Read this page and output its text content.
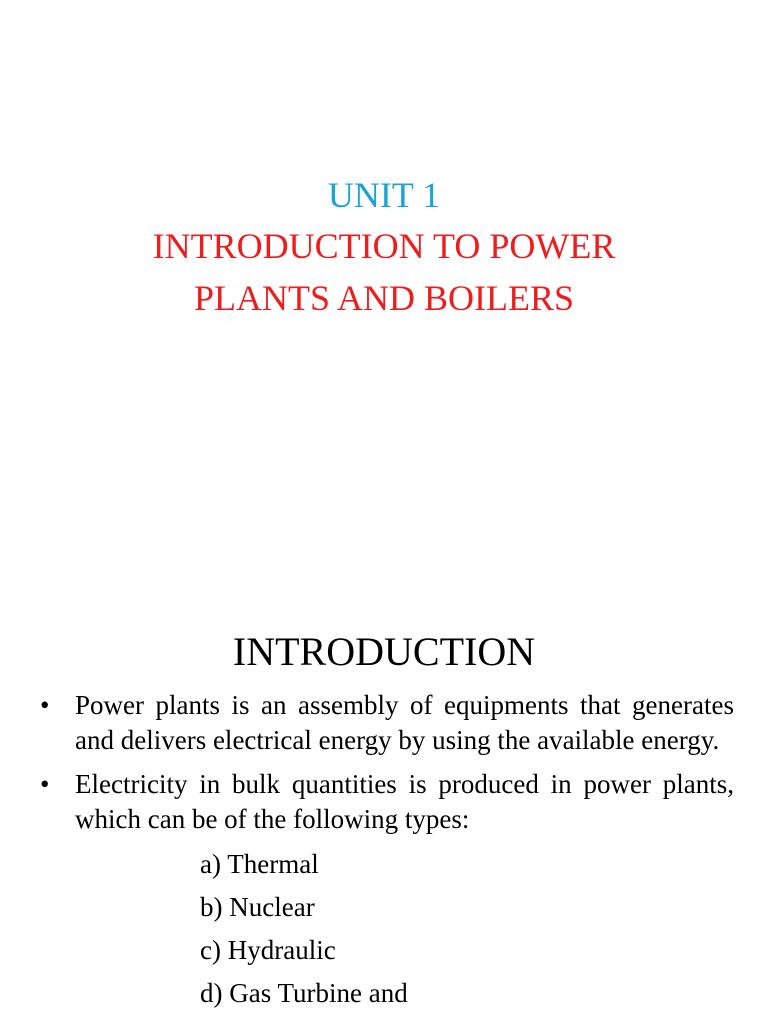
UNIT 1
INTRODUCTION TO POWER
PLANTS AND BOILERS
INTRODUCTION
• Power plants is an assembly of equipments that generates and delivers electrical energy by using the available energy.
• Electricity in bulk quantities is produced in power plants, which can be of the following types:
a) Thermal
b) Nuclear
c) Hydraulic
d) Gas Turbine and
